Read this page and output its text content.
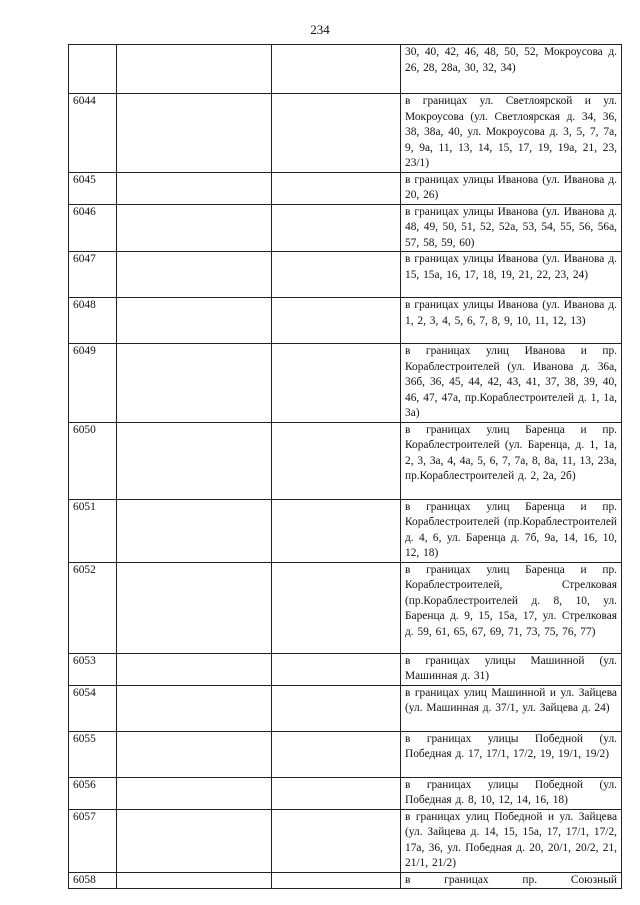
234
			30, 40, 42, 46, 48, 50, 52, Мокроусова д. 26, 28, 28а, 30, 32, 34)
6044			в границах ул. Светлоярской и ул. Мокроусова (ул. Светлоярская д. 34, 36, 38, 38а, 40, ул. Мокроусова д. 3, 5, 7, 7а, 9, 9а, 11, 13, 14, 15, 17, 19, 19а, 21, 23, 23/1)
6045			в границах улицы Иванова (ул. Иванова д. 20, 26)
6046			в границах улицы Иванова (ул. Иванова д. 48, 49, 50, 51, 52, 52а, 53, 54, 55, 56, 56а, 57, 58, 59, 60)
6047			в границах улицы Иванова (ул. Иванова д. 15, 15а, 16, 17, 18, 19, 21, 22, 23, 24)
6048			в границах улицы Иванова (ул. Иванова д. 1, 2, 3, 4, 5, 6, 7, 8, 9, 10, 11, 12, 13)
6049			в границах улиц Иванова и пр. Кораблестроителей (ул. Иванова д. 36а, 36б, 36, 45, 44, 42, 43, 41, 37, 38, 39, 40, 46, 47, 47а, пр.Кораблестроителей д. 1, 1а, 3а)
6050			в границах улиц Баренца и пр. Кораблестроителей (ул. Баренца, д. 1, 1а, 2, 3, 3а, 4, 4а, 5, 6, 7, 7а, 8, 8а, 11, 13, 23а, пр.Кораблестроителей д. 2, 2а, 2б)
6051			в границах улиц Баренца и пр. Кораблестроителей (пр.Кораблестроителей д. 4, 6, ул. Баренца д. 7б, 9а, 14, 16, 10, 12, 18)
6052			в границах улиц Баренца и пр. Кораблестроителей, Стрелковая (пр.Кораблестроителей д. 8, 10, ул. Баренца д. 9, 15, 15а, 17, ул. Стрелковая д. 59, 61, 65, 67, 69, 71, 73, 75, 76, 77)
6053			в границах улицы Машинной (ул. Машинная д. 31)
6054			в границах улиц Машинной и ул. Зайцева (ул. Машинная д. 37/1, ул. Зайцева д. 24)
6055			в границах улицы Победной (ул. Победная д. 17, 17/1, 17/2, 19, 19/1, 19/2)
6056			в границах улицы Победной (ул. Победная д. 8, 10, 12, 14, 16, 18)
6057			в границах улиц Победной и ул. Зайцева (ул. Зайцева д. 14, 15, 15а, 17, 17/1, 17/2, 17а, 36, ул. Победная д. 20, 20/1, 20/2, 21, 21/1, 21/2)
6058			в границах пр. Союзный
